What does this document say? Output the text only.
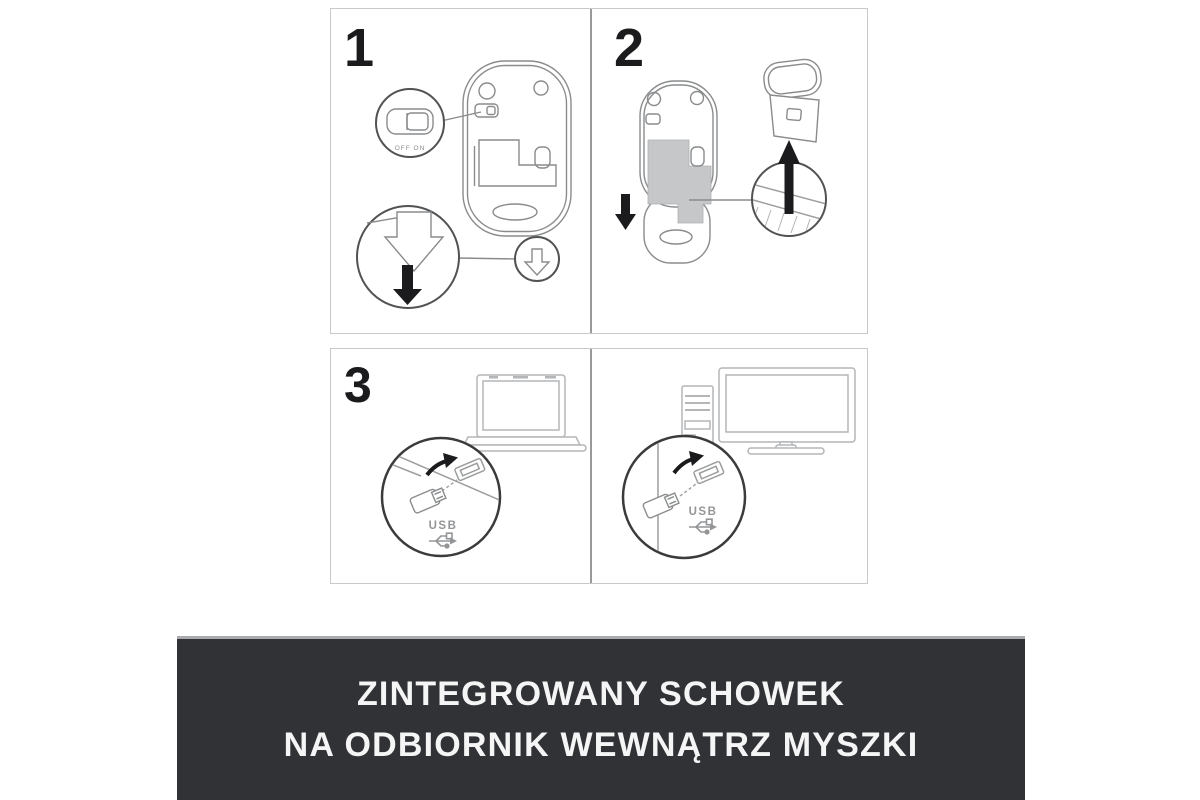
1
OFF ON
2
3
USB
USB
ZINTEGROWANY SCHOWEK
NA ODBIORNIK WEWNĄTRZ MYSZKI
